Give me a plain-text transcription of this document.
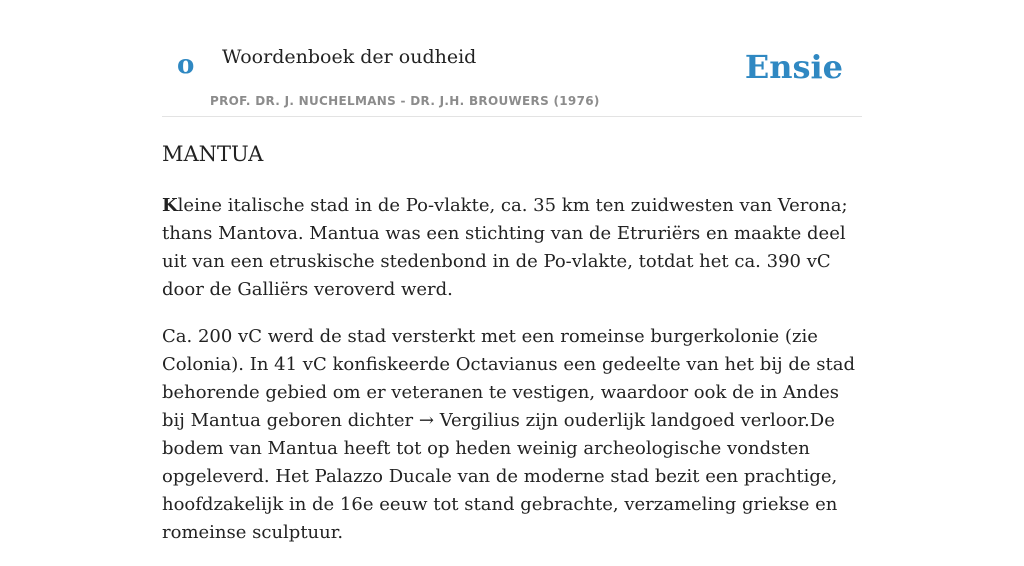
o Woordenboek der oudheid
PROF. DR. J. NUCHELMANS - DR. J.H. BROUWERS (1976)
Ensie
MANTUA

Kleine italische stad in de Po-vlakte, ca. 35 km ten zuidwesten van Verona; thans Mantova. Mantua was een stichting van de Etruriërs en maakte deel uit van een etruskische stedenbond in de Po-vlakte, totdat het ca. 390 vC door de Galliërs veroverd werd.

Ca. 200 vC werd de stad versterkt met een romeinse burgerkolonie (zie Colonia). In 41 vC konfiskeerde Octavianus een gedeelte van het bij de stad behorende gebied om er veteranen te vestigen, waardoor ook de in Andes bij Mantua geboren dichter → Vergilius zijn ouderlijk landgoed verloor.De bodem van Mantua heeft tot op heden weinig archeologische vondsten opgeleverd. Het Palazzo Ducale van de moderne stad bezit een prachtige, hoofdzakelijk in de 16e eeuw tot stand gebrachte, verzameling griekse en romeinse sculptuur.
